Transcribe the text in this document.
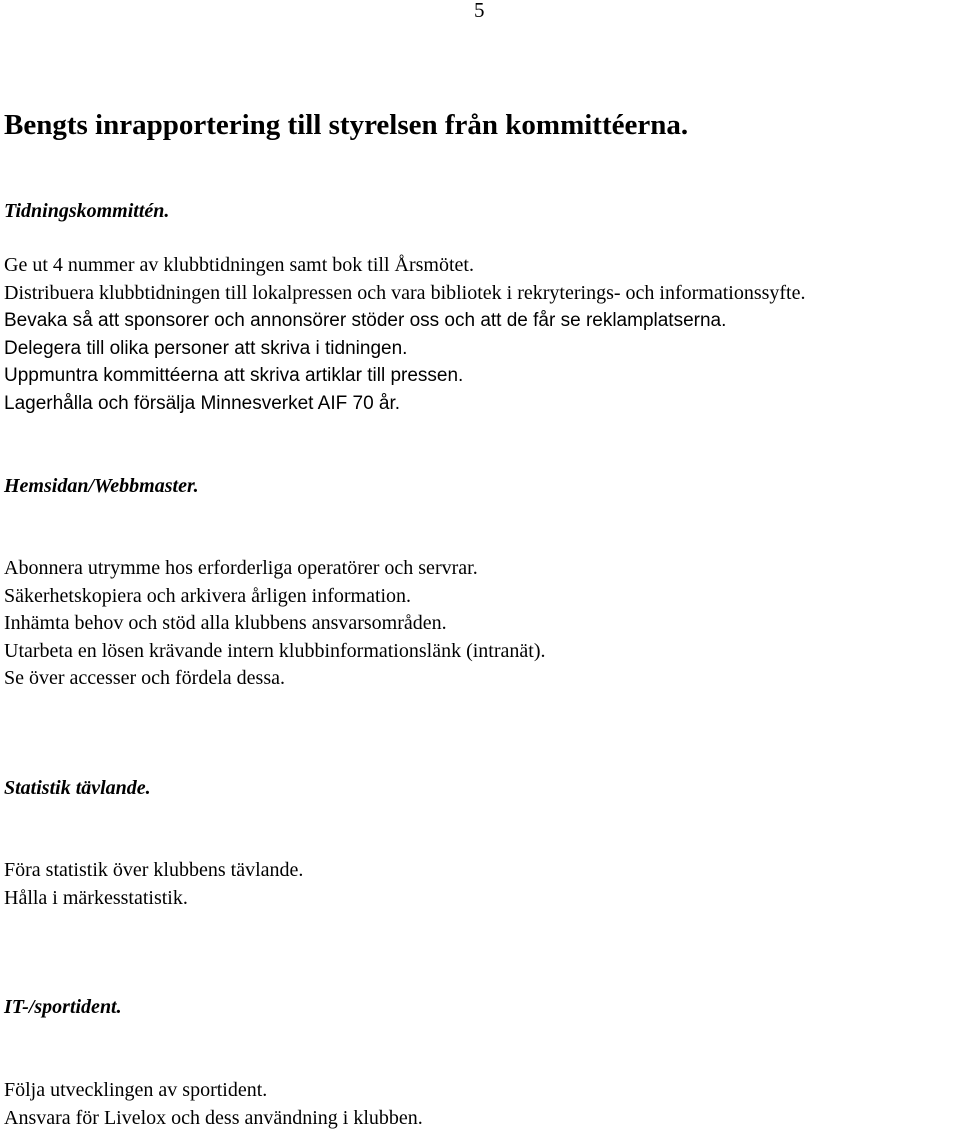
5
Bengts inrapportering till styrelsen från kommittéerna.
Tidningskommittén.
Ge ut 4 nummer av klubbtidningen samt bok till Årsmötet.
Distribuera klubbtidningen till lokalpressen och vara bibliotek i rekryterings- och informationssyfte.
Bevaka så att sponsorer och annonsörer stöder oss och att de får se reklamplatserna.
Delegera till olika personer att skriva i tidningen.
Uppmuntra kommittéerna att skriva artiklar till pressen.
Lagerhålla och försälja Minnesverket AIF 70 år.
Hemsidan/Webbmaster.
Abonnera utrymme hos erforderliga operatörer och servrar.
Säkerhetskopiera och arkivera årligen information.
Inhämta behov och stöd alla klubbens ansvarsområden.
Utarbeta en lösen krävande intern klubbinformationslänk (intranät).
Se över accesser och fördela dessa.
Statistik tävlande.
Föra statistik över klubbens tävlande.
Hålla i märkesstatistik.
IT-/sportident.
Följa utvecklingen av sportident.
Ansvara för Livelox och dess användning i klubben.
